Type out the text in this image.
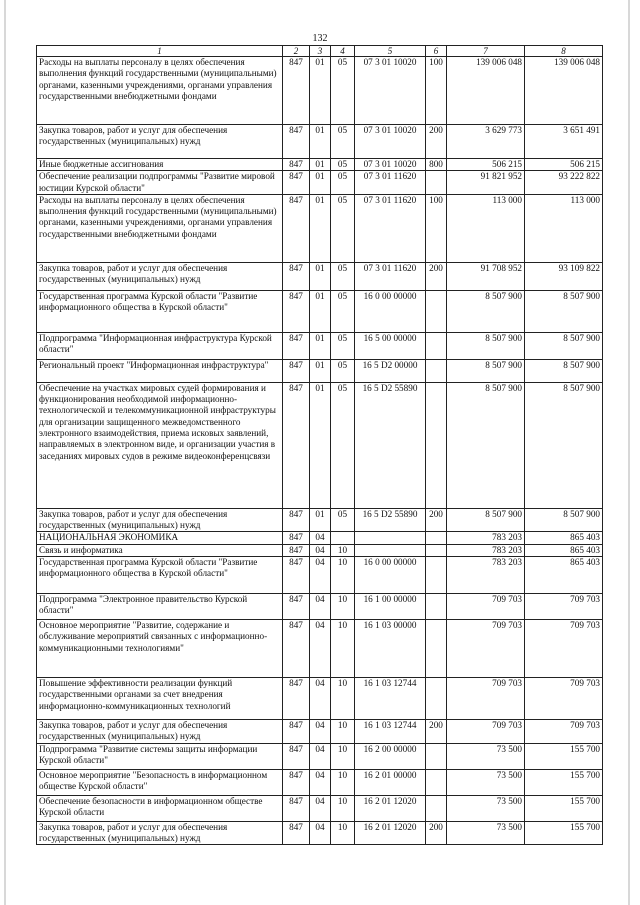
132
1	2	3	4	5	6	7	8
Расходы на выплаты персоналу в целях обеспечения выполнения функций государственными (муниципальными) органами, казенными учреждениями, органами управления государственными внебюджетными фондами	847	01	05	07 3 01 10020	100	139 006 048	139 006 048
Закупка товаров, работ и услуг для обеспечения государственных (муниципальных) нужд	847	01	05	07 3 01 10020	200	3 629 773	3 651 491
Иные бюджетные ассигнования	847	01	05	07 3 01 10020	800	506 215	506 215
Обеспечение реализации подпрограммы "Развитие мировой юстиции Курской области"	847	01	05	07 3 01 11620		91 821 952	93 222 822
Расходы на выплаты персоналу в целях обеспечения выполнения функций государственными (муниципальными) органами, казенными учреждениями, органами управления государственными внебюджетными фондами	847	01	05	07 3 01 11620	100	113 000	113 000
Закупка товаров, работ и услуг для обеспечения государственных (муниципальных) нужд	847	01	05	07 3 01 11620	200	91 708 952	93 109 822
Государственная программа Курской области "Развитие информационного общества в Курской области"	847	01	05	16 0 00 00000		8 507 900	8 507 900
Подпрограмма "Информационная инфраструктура Курской области"	847	01	05	16 5 00 00000		8 507 900	8 507 900
Региональный проект "Информационная инфраструктура"	847	01	05	16 5 D2 00000		8 507 900	8 507 900
Обеспечение на участках мировых судей формирования и функционирования необходимой информационно-технологической и телекоммуникационной инфраструктуры для организации защищенного межведомственного электронного взаимодействия, приема исковых заявлений, направляемых в электронном виде, и организации участия в заседаниях мировых судов в режиме видеоконференцсвязи	847	01	05	16 5 D2 55890		8 507 900	8 507 900
Закупка товаров, работ и услуг для обеспечения государственных (муниципальных) нужд	847	01	05	16 5 D2 55890	200	8 507 900	8 507 900
НАЦИОНАЛЬНАЯ ЭКОНОМИКА	847	04				783 203	865 403
Связь и информатика	847	04	10			783 203	865 403
Государственная программа Курской области "Развитие информационного общества в Курской области"	847	04	10	16 0 00 00000		783 203	865 403
Подпрограмма "Электронное правительство Курской области"	847	04	10	16 1 00 00000		709 703	709 703
Основное мероприятие "Развитие, содержание и обслуживание мероприятий связанных с информационно-коммуникационными технологиями"	847	04	10	16 1 03 00000		709 703	709 703
Повышение эффективности реализации функций государственными органами за счет внедрения информационно-коммуникационных технологий	847	04	10	16 1 03 12744		709 703	709 703
Закупка товаров, работ и услуг для обеспечения государственных (муниципальных) нужд	847	04	10	16 1 03 12744	200	709 703	709 703
Подпрограмма "Развитие системы защиты информации Курской области"	847	04	10	16 2 00 00000		73 500	155 700
Основное мероприятие "Безопасность в информационном обществе Курской области"	847	04	10	16 2 01 00000		73 500	155 700
Обеспечение безопасности в информационном обществе Курской области	847	04	10	16 2 01 12020		73 500	155 700
Закупка товаров, работ и услуг для обеспечения государственных (муниципальных) нужд	847	04	10	16 2 01 12020	200	73 500	155 700
